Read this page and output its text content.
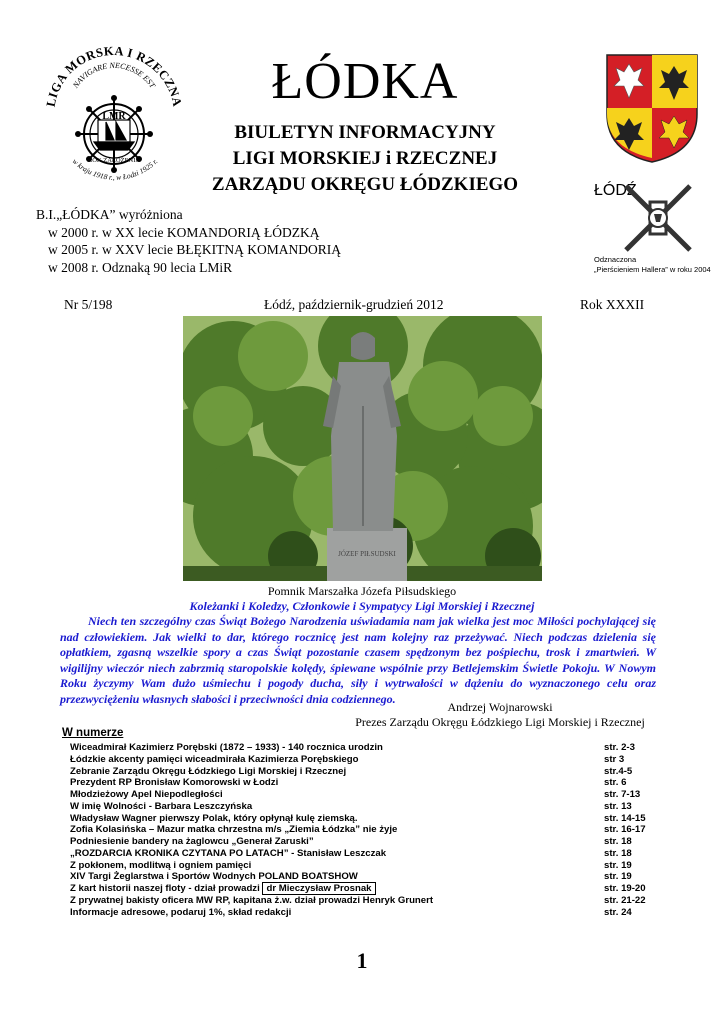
LIGA MORSKA I RZECZNA
NAVIGARE NECESSE EST
LMR
ROK ZAŁOŻENIA
w kraju 1918 r., w Łodzi 1925 r.
ŁÓDKA
BIULETYN INFORMACYJNY
LIGI MORSKIEJ i RZECZNEJ
ZARZĄDU OKRĘGU ŁÓDZKIEGO	ŁÓDŹ
Odznaczona
„Pierścieniem Hallera” w roku 2004
B.I.„ŁÓDKA” wyróżniona
w 2000 r. w XX lecie KOMANDORIĄ ŁÓDZKĄ
w 2005 r. w XXV lecie BŁĘKITNĄ KOMANDORIĄ
w 2008 r. Odznaką 90 lecia LMiR
Nr 5/198	Łódź, październik-grudzień 2012	Rok XXXII
JÓZEF PIŁSUDSKI
Pomnik Marszałka Józefa Piłsudskiego
Koleżanki i Koledzy, Członkowie i Sympatycy Ligi Morskiej i Rzecznej
Niech ten szczególny czas Świąt Bożego Narodzenia uświadamia nam jak wielka jest moc Miłości pochylającej się nad człowiekiem. Jak wielki to dar, którego rocznicę jest nam kolejny raz przeżywać. Niech podczas dzielenia się opłatkiem, zgasną wszelkie spory a czas Świąt pozostanie czasem spędzonym bez pośpiechu, trosk i zmartwień. W wigilijny wieczór niech zabrzmią staropolskie kolędy, śpiewane wspólnie przy Betlejemskim Świetle Pokoju. W Nowym Roku życzymy Wam dużo uśmiechu i pogody ducha, siły i wytrwałości w dążeniu do wyznaczonego celu oraz przezwyciężeniu własnych słabości i przeciwności dnia codziennego.
Andrzej Wojnarowski
Prezes Zarządu Okręgu Łódzkiego Ligi Morskiej i Rzecznej
W numerze
Wiceadmirał Kazimierz Porębski (1872 – 1933) - 140 rocznica urodzin	str. 2-3
Łódzkie akcenty pamięci wiceadmirała Kazimierza Porębskiego	str 3
Zebranie Zarządu Okręgu Łódzkiego Ligi Morskiej i Rzecznej	str.4-5
Prezydent RP Bronisław Komorowski w Łodzi	str. 6
Młodzieżowy Apel Niepodległości	str. 7-13
W imię Wolności - Barbara Leszczyńska	str. 13
Władysław Wagner pierwszy Polak, który opłynął kulę ziemską.	str. 14-15
Zofia Kolasińska – Mazur matka chrzestna m/s „Ziemia Łódzka” nie żyje	str. 16-17
Podniesienie bandery na żaglowcu „Generał Zaruski”	str. 18
„ROZDARCIA KRONIKA CZYTANA PO LATACH” - Stanisław Leszczak	str. 18
Z pokłonem, modlitwą i ogniem pamięci	str. 19
XIV Targi Żeglarstwa i Sportów Wodnych POLAND BOATSHOW	str. 19
Z kart historii naszej floty - dział prowadzi dr Mieczysław Prosnak	str. 19-20
Z prywatnej bakisty oficera MW RP, kapitana ż.w. dział prowadzi Henryk Grunert	str. 21-22
Informacje adresowe, podaruj 1%, skład redakcji	str. 24
1
